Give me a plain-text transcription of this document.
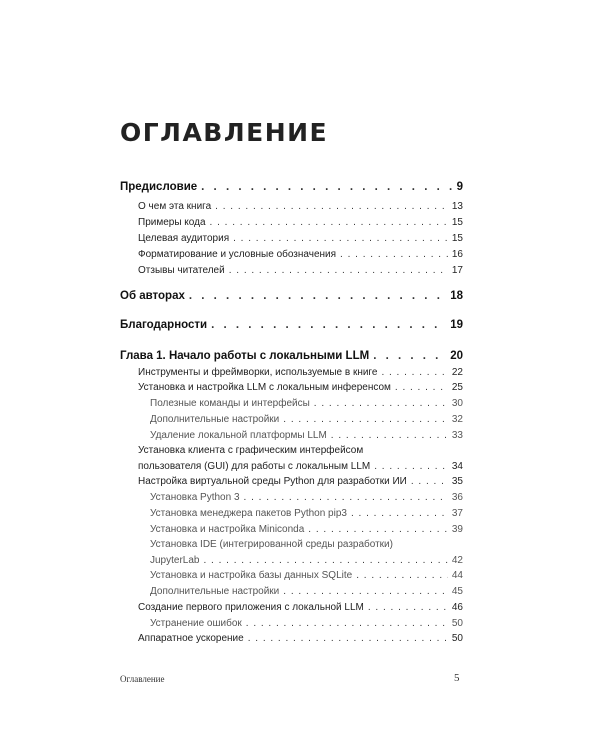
ОГЛАВЛЕНИЕ
Предисловие . . .	9
О чем эта книга . . .	13
Примеры кода . . .	15
Целевая аудитория . . .	15
Форматирование и условные обозначения . . .	16
Отзывы читателей . . .	17
Об авторах . . .	18
Благодарности . . .	19
Глава 1. Начало работы с локальными LLM . . .	20
Инструменты и фреймворки, используемые в книге . . .	22
Установка и настройка LLM с локальным инференсом . . .	25
Полезные команды и интерфейсы . . .	30
Дополнительные настройки . . .	32
Удаление локальной платформы LLM . . .	33
Установка клиента с графическим интерфейсом
пользователя (GUI) для работы с локальным LLM . . .	34
Настройка виртуальной среды Python для разработки ИИ . . .	35
Установка Python 3 . . .	36
Установка менеджера пакетов Python pip3 . . .	37
Установка и настройка Miniconda . . .	39
Установка IDE (интегрированной среды разработки)
JupyterLab . . .	42
Установка и настройка базы данных SQLite . . .	44
Дополнительные настройки . . .	45
Создание первого приложения с локальной LLM . . .	46
Устранение ошибок . . .	50
Аппаратное ускорение . . .	50
Оглавление	5
